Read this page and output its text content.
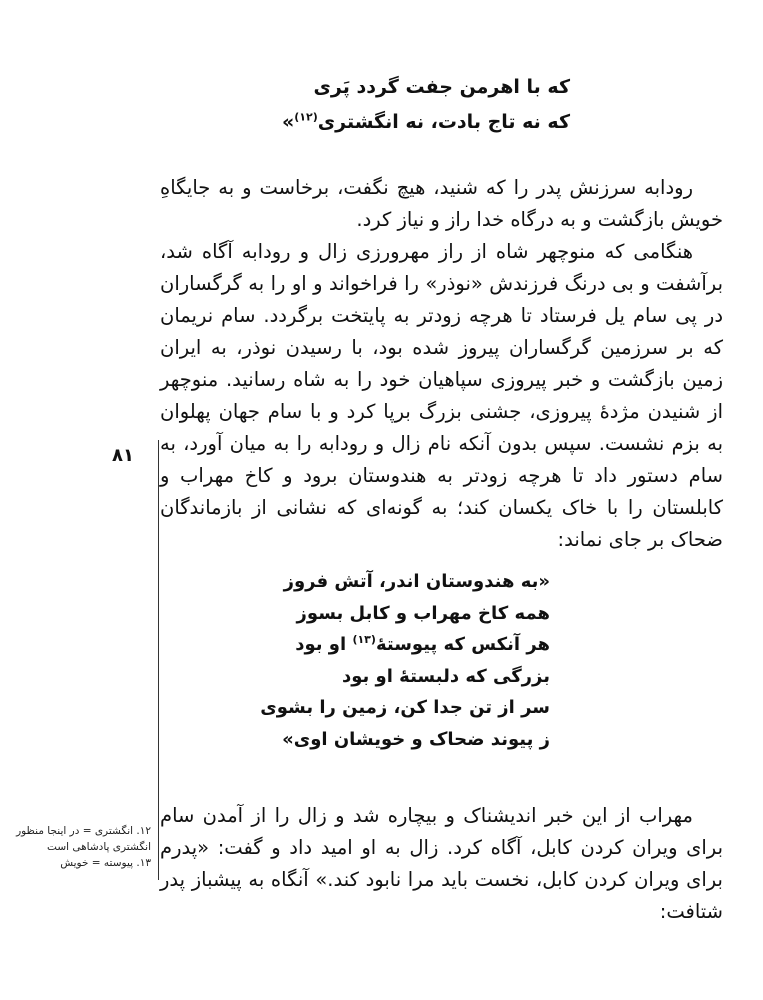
که با اهرمن جفت گردد پَری
که نه تاج بادت، نه انگشتری$^{(۱۲)}$»

رودابه سرزنش پدر را که شنید، هیچ نگفت، برخاست و به جایگاهِ خویش بازگشت و به درگاه خدا راز و نیاز کرد.

هنگامی که منوچهر شاه از راز مهرورزی زال و رودابه آگاه شد، برآشفت و بی درنگ فرزندش «نوذر» را فراخواند و او را به گرگساران در پی سام یل فرستاد تا هرچه زودتر به پایتخت برگردد. سام نریمان که بر سرزمین گرگساران پیروز شده بود، با رسیدن نوذر، به ایران زمین بازگشت و خبر پیروزی سپاهیان خود را به شاه رسانید. منوچهر از شنیدن مژدهٔ پیروزی، جشنی بزرگ برپا کرد و با سام جهان پهلوان به بزم نشست. سپس بدون آنکه نام زال و رودابه را به میان آورد، به سام دستور داد تا هرچه زودتر به هندوستان برود و کاخ مهراب و کابلستان را با خاک یکسان کند؛ به گونه‌ای که نشانی از بازماندگان ضحاک بر جای نماند:

۸۱
«به هندوستان اندر، آتش فروز
همه کاخ مهراب و کابل بسوز
هر آنکس که پیوستهٔ$^{(۱۳)}$ او بود
بزرگی که دلبستهٔ او بود
سر از تن جدا کن، زمین را بشوی
ز پیوند ضحاک و خویشان اوی»

مهراب از این خبر اندیشناک و بیچاره شد و زال را از آمدن سام برای ویران کردن کابل، آگاه کرد. زال به او امید داد و گفت: «پدرم برای ویران کردن کابل، نخست باید مرا نابود کند.» آنگاه به پیشباز پدر شتافت:

۱۲. انگشتری = در اینجا منظور
انگشتری پادشاهی است
۱۳. پیوسته = خویش
